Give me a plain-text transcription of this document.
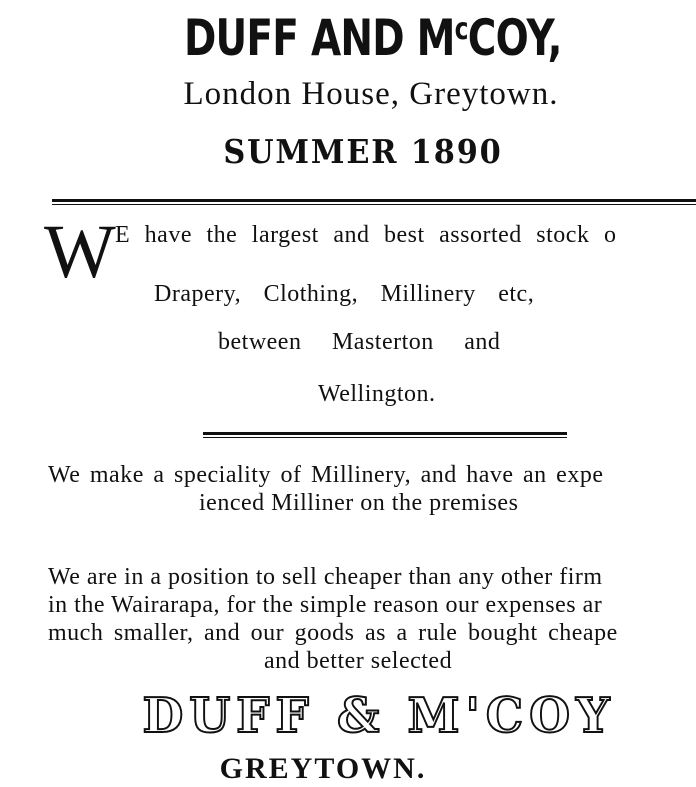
DUFF AND $M^cCOY$,
London House, Greytown.
SUMMER 1890
W E have the largest and best assorted stock o
Drapery, Clothing, Millinery etc,
between Masterton and
Wellington.
We make a speciality of Millinery, and have an expe
ienced Milliner on the premises
We are in a position to sell cheaper than any other firm
in the Wairarapa, for the simple reason our expenses ar
much smaller, and our goods as a rule bought cheape
and better selected
DUFF & M'COY
GREYTOWN.
